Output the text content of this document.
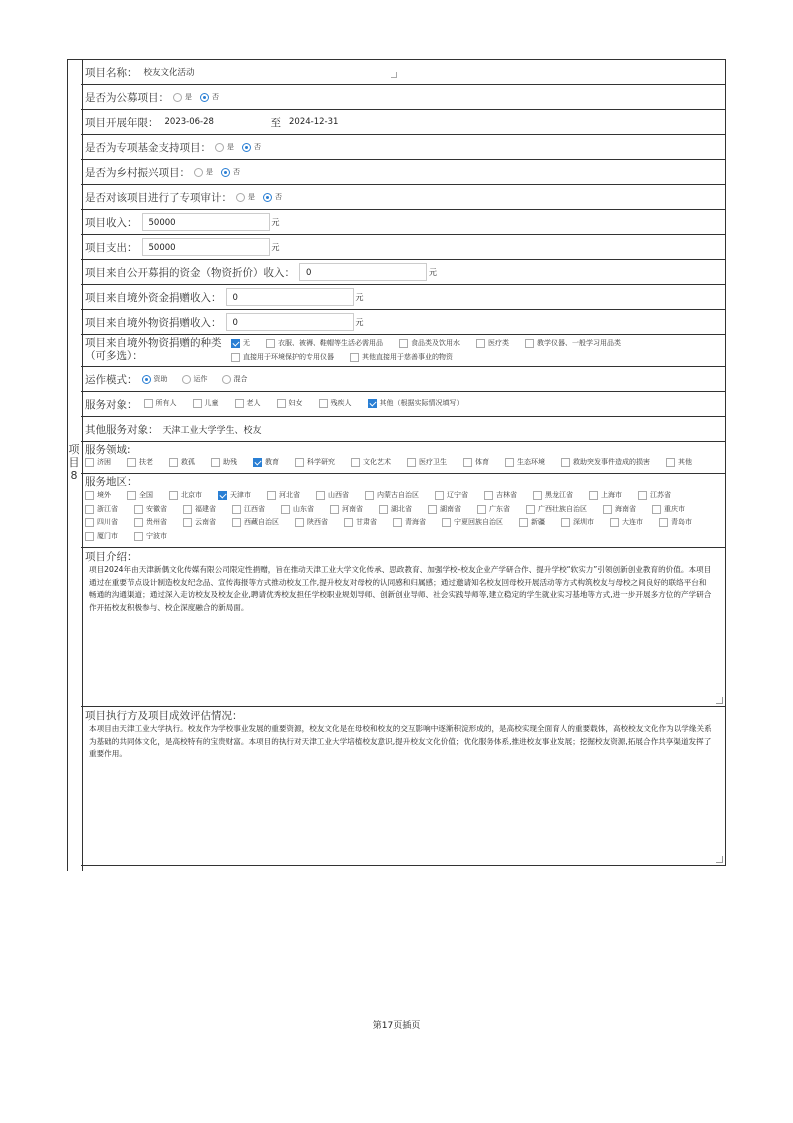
项
目
8
项目名称： 校友文化活动
是否为公募项目： 是	否
项目开展年限： 2023-06-28	至 2024-12-31
是否为专项基金支持项目： 是	否
是否为乡村振兴项目： 是	否
是否对该项目进行了专项审计： 是	否
项目收入：	50000	元
项目支出：	50000	元
项目来自公开募捐的资金（物资折价）收入：	0	元
项目来自境外资金捐赠收入：	0	元
项目来自境外物资捐赠收入：	0	元
项目来自境外物资捐赠的种类
（可多选）：
无	衣服、被褥、鞋帽等生活必需用品	食品类及饮用水	医疗类	教学仪器、一般学习用品类
直接用于环境保护的专用仪器	其他直接用于慈善事业的物资
运作模式：	资助	运作	混合
服务对象：	所有人	儿童	老人	妇女	残疾人	其他（根据实际情况填写）
其他服务对象： 天津工业大学学生、校友
服务领域:
济困	扶老	救孤	助残	教育	科学研究	文化艺术	医疗卫生	体育	生态环境	救助突发事件造成的损害	其他
服务地区：
境外	全国	北京市	天津市	河北省	山西省	内蒙古自治区	辽宁省	吉林省	黑龙江省	上海市	江苏省
浙江省	安徽省	福建省	江西省	山东省	河南省	湖北省	湖南省	广东省	广西壮族自治区	海南省	重庆市
四川省	贵州省	云南省	西藏自治区	陕西省	甘肃省	青海省	宁夏回族自治区	新疆	深圳市	大连市	青岛市
厦门市	宁波市
项目介绍：
项目2024年由天津新偶文化传媒有限公司限定性捐赠，旨在推动天津工业大学文化传承、思政教育、加强学校-校友企业产学研合作、提升学校“软实力”引领创新创业教育的价值。本项目通过在重要节点设计制造校友纪念品、宣传海报等方式推动校友工作,提升校友对母校的认同感和归属感；通过邀请知名校友回母校开展活动等方式构筑校友与母校之间良好的联络平台和畅通的沟通渠道；通过深入走访校友及校友企业,聘请优秀校友担任学校职业规划导师、创新创业导师、社会实践导师等,建立稳定的学生就业实习基地等方式,进一步开展多方位的产学研合作开拓校友积极参与、校企深度融合的新局面。
项目执行方及项目成效评估情况：
本项目由天津工业大学执行。校友作为学校事业发展的重要资源，校友文化是在母校和校友的交互影响中逐渐积淀形成的，是高校实现全面育人的重要载体，高校校友文化作为以学缘关系为基础的共同体文化，是高校特有的宝贵财富。本项目的执行对天津工业大学培植校友意识,提升校友文化价值；优化服务体系,推进校友事业发展；挖掘校友资源,拓展合作共享渠道发挥了重要作用。
第17页插页
